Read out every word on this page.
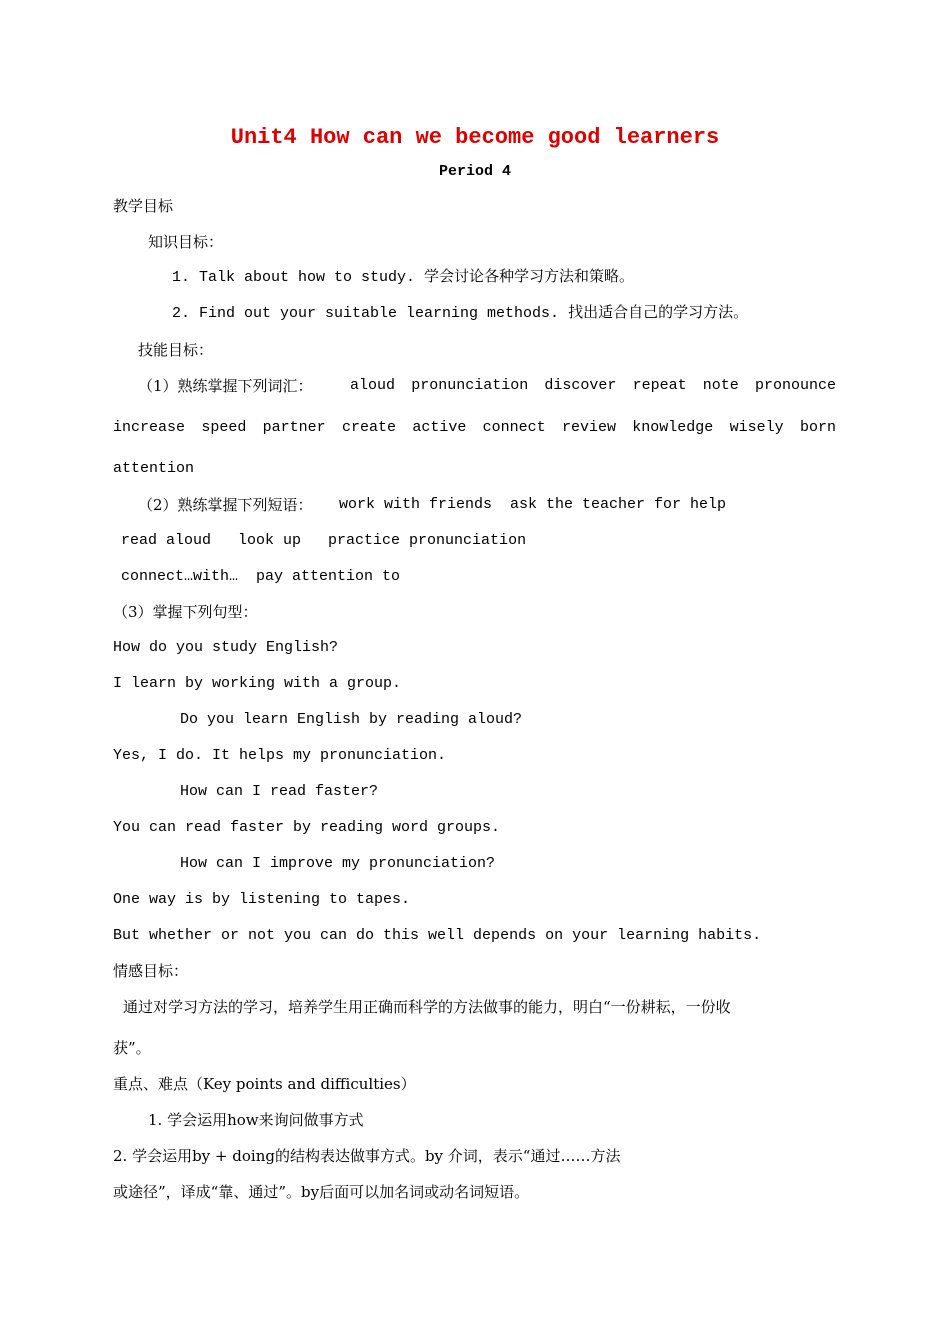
Unit4 How can we become good learners
Period 4
教学目标
知识目标：
1. Talk about how to study. 学会讨论各种学习方法和策略。
2. Find out your suitable learning methods. 找出适合自己的学习方法。
技能目标：
（1）熟练掌握下列词汇： aloud pronunciation discover repeat note pronounce
increase speed partner create active connect review knowledge wisely born
attention
（2）熟练掌握下列短语： work with friends  ask the teacher for help
read aloud   look up   practice pronunciation
connect…with…  pay attention to
（3）掌握下列句型：
How do you study English?
I learn by working with a group.
Do you learn English by reading aloud?
Yes, I do. It helps my pronunciation.
How can I read faster?
You can read faster by reading word groups.
How can I improve my pronunciation?
One way is by listening to tapes.
But whether or not you can do this well depends on your learning habits.
情感目标：
通过对学习方法的学习，培养学生用正确而科学的方法做事的能力，明白“一份耕耘，一份收
获”。
重点、难点（Key points and difficulties）
1. 学会运用how来询问做事方式
2. 学会运用by + doing的结构表达做事方式。by 介词，表示“通过……方法
或途径”，译成“靠、通过”。by后面可以加名词或动名词短语。
